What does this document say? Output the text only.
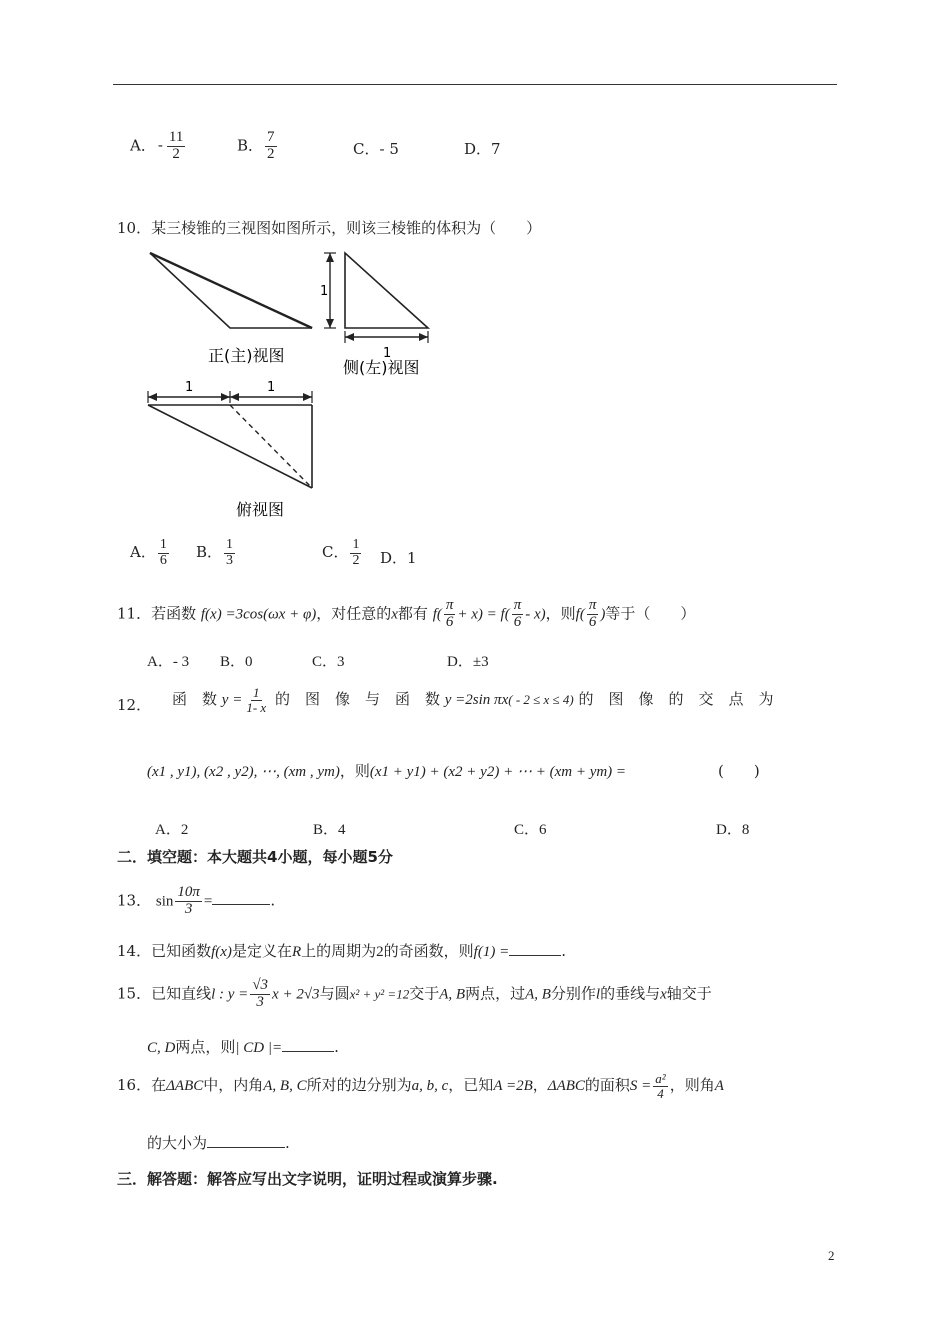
A． - $\frac{11}{2}$	B． $\frac{7}{2}$	C．- 5	D．7
10．某三棱锥的三视图如图所示，则该三棱锥的体积为（　　）
1
1
1	1
正(主)视图
侧(左)视图
俯视图
A． $\frac{1}{6}$ B． $\frac{1}{3}$	C． $\frac{1}{2}$ D．1
11．若函数 f(x) =3cos(ωx + φ)，对任意的x都有 $f( \frac{\pi}{6} + x) = f( \frac{\pi}{6} - x)$，则$f( \frac{\pi}{6}$ )等于（　　）
A．- 3 B．0	C．3	D．±3
12． 函　数 $y = \frac{1}{1- x}$ 的　图　像　与　函　数 y =2sin πx( - 2 ≤ x ≤ 4) 的　图　像　的　交　点　为
(x1 , y1), (x2 , y2), ⋯, (xm , ym)，则(x1 + y1) + (x2 + y2) + ⋯ + (xm + ym) =	(　　)
A．2	B．4	C．6	D．8
二．填空题：本大题共4小题，每小题5分
13． $\sin \frac{10\pi}{3}$ =	.
14．已知函数f(x)是定义在R上的周期为2的奇函数，则f(1) =	.
15．已知直线l : $y = \frac{√3}{3}$ x + 2√3与圆x² + y² =12交于A, B两点，过A, B分别作l的垂线与x轴交于
C, D两点，则| CD |=	.
16．在ΔABC中，内角A, B, C所对的边分别为a, b, c，已知A =2B，ΔABC的面积$S = \frac{\text{a²}}{4}$ ，则角A
的大小为	.
三．解答题：解答应写出文字说明，证明过程或演算步骤.
2
